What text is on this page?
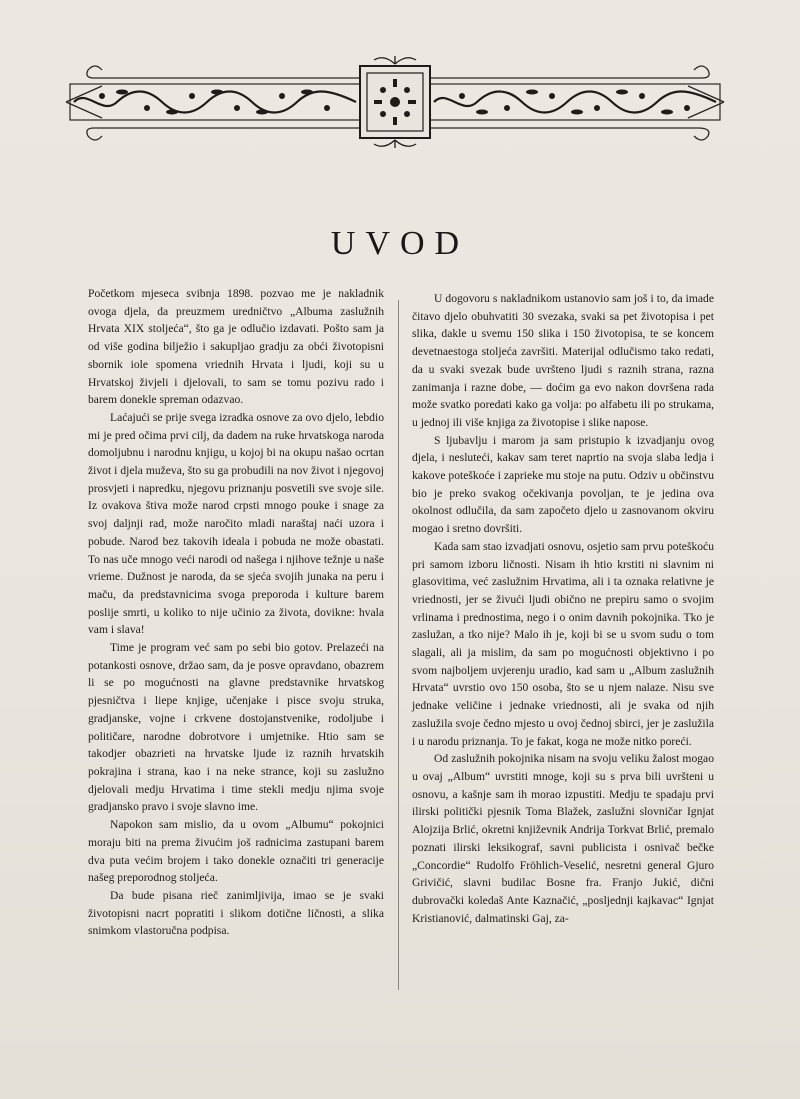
UVOD

Početkom mjeseca svibnja 1898. pozvao me je nakladnik ovoga djela, da preuzmem uredničtvo „Albuma zaslužnih Hrvata XIX stoljeća“, što ga je odlučio izdavati. Pošto sam ja od više godina bilježio i sakupljao gradju za obći životopisni sbornik iole spomena vriednih Hrvata i ljudi, koji su u Hrvatskoj živjeli i djelovali, to sam se tomu pozivu rado i barem donekle spreman odazvao.

Laćajući se prije svega izradka osnove za ovo djelo, lebdio mi je pred očima prvi cilj, da dadem na ruke hrvatskoga naroda domoljubnu i narodnu knjigu, u kojoj bi na okupu našao ocrtan život i djela muževa, što su ga probudili na nov život i njegovoj prosvjeti i napredku, njegovu priznanju posvetili sve svoje sile. Iz ovakova štiva može narod crpsti mnogo pouke i snage za svoj daljnji rad, može naročito mladi naraštaj naći uzora i pobude. Narod bez takovih ideala i pobuda ne može obastati. To nas uče mnogo veći narodi od našega i njihove težnje u naše vrieme. Dužnost je naroda, da se sjeća svojih junaka na peru i maču, da predstavnicima svoga preporoda i kulture barem poslije smrti, u koliko to nije učinio za života, dovikne: hvala vam i slava!

Time je program već sam po sebi bio gotov. Prelazeći na potankosti osnove, držao sam, da je posve opravdano, obazrem li se po mogućnosti na glavne predstavnike hrvatskog pjesničtva i liepe knjige, učenjake i pisce svoju struka, gradjanske, vojne i crkvene dostojanstvenike, rodoljube i političare, narodne dobrotvore i umjetnike. Htio sam se takodjer obazrieti na hrvatske ljude iz raznih hrvatskih pokrajina i strana, kao i na neke strance, koji su zaslužno djelovali medju Hrvatima i time stekli medju njima svoje gradjansko pravo i svoje slavno ime.

Napokon sam mislio, da u ovom „Albumu“ pokojnici moraju biti na prema živućim još radnicima zastupani barem dva puta većim brojem i tako donekle označiti tri generacije našeg preporodnog stoljeća.

Da bude pisana rieč zanimljivija, imao se je svaki životopisni nacrt popratiti i slikom dotične ličnosti, a slika snimkom vlastoručna podpisa.

U dogovoru s nakladnikom ustanovio sam još i to, da imade čitavo djelo obuhvatiti 30 svezaka, svaki sa pet životopisa i pet slika, dakle u svemu 150 slika i 150 životopisa, te se koncem devetnaestoga stoljeća završiti. Materijal odlučismo tako redati, da u svaki svezak bude uvršteno ljudi s raznih strana, razna zanimanja i razne dobe, — doćim ga evo nakon dovršena rada može svatko poredati kako ga volja: po alfabetu ili po strukama, u jednoj ili više knjiga za životopise i slike napose.

S ljubavlju i marom ja sam pristupio k izvadjanju ovog djela, i nesluteći, kakav sam teret naprtio na svoja slaba ledja i kakove poteškoće i zaprieke mu stoje na putu. Odziv u občinstvu bio je preko svakog očekivanja povoljan, te je jedina ova okolnost odlučila, da sam započeto djelo u zasnovanom okviru mogao i sretno dovršiti.

Kada sam stao izvadjati osnovu, osjetio sam prvu poteškoću pri samom izboru ličnosti. Nisam ih htio krstiti ni slavnim ni glasovitima, već zaslužnim Hrvatima, ali i ta oznaka relativne je vriednosti, jer se živući ljudi obično ne prepiru samo o svojim vrlinama i prednostima, nego i o onim davnih pokojnika. Tko je zaslužan, a tko nije? Malo ih je, koji bi se u svom sudu o tom slagali, ali ja mislim, da sam po mogućnosti objektivno i po svom najboljem uvjerenju uradio, kad sam u „Album zaslužnih Hrvata“ uvrstio ovo 150 osoba, što se u njem nalaze. Nisu sve jednake veličine i jednake vriednosti, ali je svaka od njih zaslužila svoje čedno mjesto u ovoj čednoj sbirci, jer je zaslužila i u narodu priznanja. To je fakat, koga ne može nitko poreći.

Od zaslužnih pokojnika nisam na svoju veliku žalost mogao u ovaj „Album“ uvrstiti mnoge, koji su s prva bili uvršteni u osnovu, a kašnje sam ih morao izpustiti. Medju te spadaju prvi ilirski politički pjesnik Toma Blažek, zaslužni slovničar Ignjat Alojzija Brlić, okretni književnik Andrija Torkvat Brlić, premalo poznati ilirski leksikograf, savni publicista i osnivač bečke „Concordie“ Rudolfo Fröhlich-Veselić, nesretni general Gjuro Grivičić, slavni budilac Bosne fra. Franjo Jukić, dični dubrovački koledaš Ante Kaznačić, „posljednji kajkavac“ Ignjat Kristianović, dalmatinski Gaj, za-
